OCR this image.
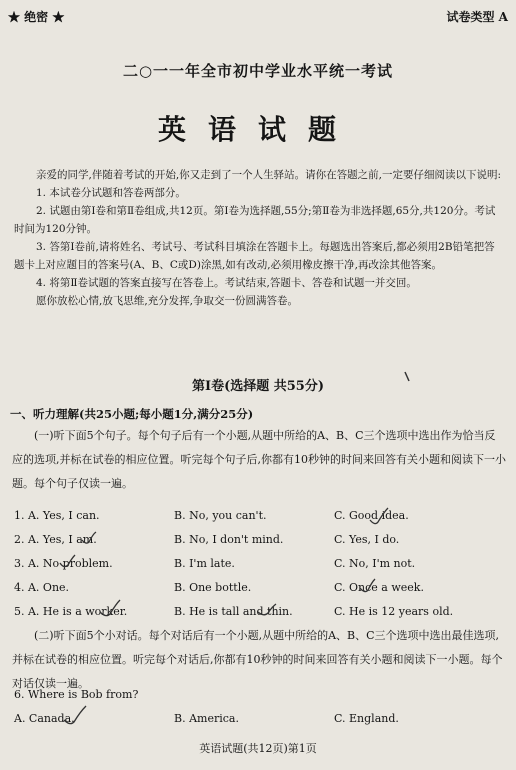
★ 绝密 ★	试卷类型 A
二○一一年全市初中学业水平统一考试
英语试题

亲爱的同学,伴随着考试的开始,你又走到了一个人生驿站。请你在答题之前,一定要仔细阅读以下说明:

1. 本试卷分试题和答卷两部分。

2. 试题由第Ⅰ卷和第Ⅱ卷组成,共12页。第Ⅰ卷为选择题,55分;第Ⅱ卷为非选择题,65分,共120分。考试时间为120分钟。

3. 答第Ⅰ卷前,请将姓名、考试号、考试科目填涂在答题卡上。每题选出答案后,都必须用2B铅笔把答题卡上对应题目的答案号(A、B、C或D)涂黑,如有改动,必须用橡皮擦干净,再改涂其他答案。

4. 将第Ⅱ卷试题的答案直接写在答卷上。考试结束,答题卡、答卷和试题一并交回。

愿你放松心情,放飞思维,充分发挥,争取交一份圆满答卷。

第Ⅰ卷(选择题 共55分)
一、听力理解(共25小题;每小题1分,满分25分)

(一)听下面5个句子。每个句子后有一个小题,从题中所给的A、B、C三个选项中选出作为恰当反应的选项,并标在试卷的相应位置。听完每个句子后,你都有10秒钟的时间来回答有关小题和阅读下一小题。每个句子仅读一遍。

1. A. Yes, I can.	B. No, you can't.	C. Good idea.
2. A. Yes, I am.	B. No, I don't mind.	C. Yes, I do.
3. A. No problem.	B. I'm late.	C. No, I'm not.
4. A. One.	B. One bottle.	C. Once a week.
5. A. He is a worker.	B. He is tall and thin.	C. He is 12 years old.

(二)听下面5个小对话。每个对话后有一个小题,从题中所给的A、B、C三个选项中选出最佳选项,并标在试卷的相应位置。听完每个对话后,你都有10秒钟的时间来回答有关小题和阅读下一小题。每个对话仅读一遍。

6. Where is Bob from?
A. Canada.	B. America.	C. England.
英语试题(共12页)第1页
